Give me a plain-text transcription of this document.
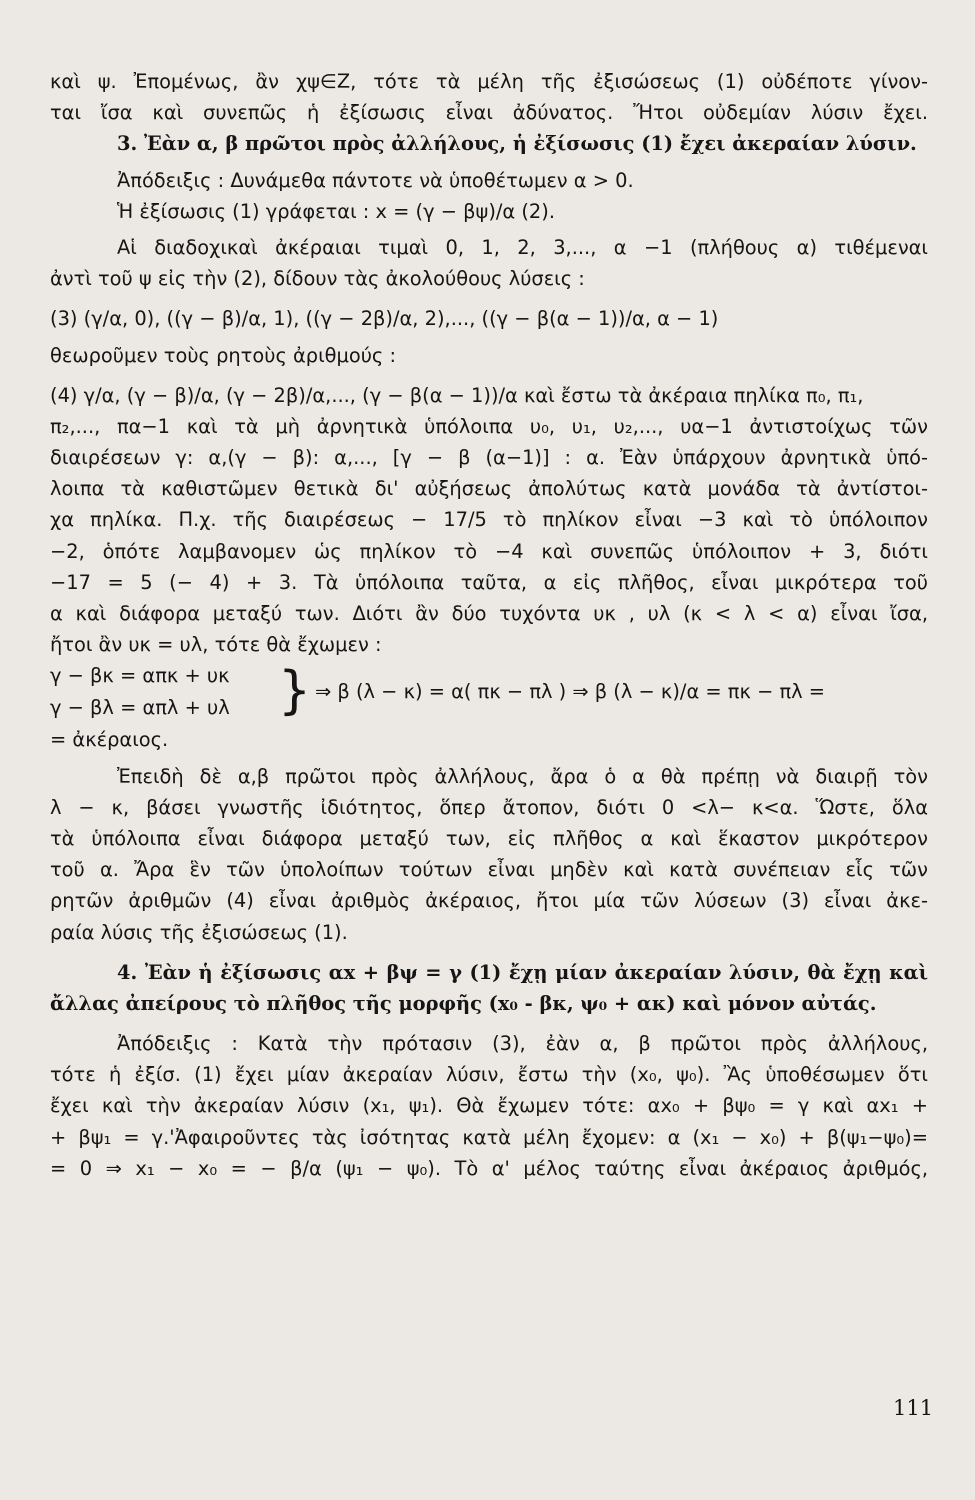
καὶ ψ. Ἐπομένως, ἂν χψ∈Ζ, τότε τὰ μέλη τῆς ἐξισώσεως (1) οὐδέποτε γίνον-
ται ἴσα καὶ συνεπῶς ἡ ἐξίσωσις εἶναι ἀδύνατος. Ἤτοι οὐδεμίαν λύσιν ἔχει.
3. Ἐὰν α, β πρῶτοι πρὸς ἀλλήλους, ἡ ἐξίσωσις (1) ἔχει ἀκεραίαν λύσιν.
Ἀπόδειξις : Δυνάμεθα πάντοτε νὰ ὑποθέτωμεν α > 0.
Ἡ ἐξίσωσις (1) γράφεται : x = (γ − βψ)/α (2).
Αἱ διαδοχικαὶ ἀκέραιαι τιμαὶ 0, 1, 2, 3,..., α −1 (πλήθους α) τιθέμεναι
ἀντὶ τοῦ ψ εἰς τὴν (2), δίδουν τὰς ἀκολούθους λύσεις :
(3) (γ/α, 0), ((γ − β)/α, 1), ((γ − 2β)/α, 2),..., ((γ − β(α − 1))/α, α − 1)
θεωροῦμεν τοὺς ρητοὺς ἀριθμούς :
(4) γ/α, (γ − β)/α, (γ − 2β)/α,..., (γ − β(α − 1))/α καὶ ἔστω τὰ ἀκέραια πηλίκα π₀, π₁,
π₂,..., πα−1 καὶ τὰ μὴ ἀρνητικὰ ὑπόλοιπα υ₀, υ₁, υ₂,..., υα−1 ἀντιστοίχως τῶν
διαιρέσεων γ: α,(γ − β): α,..., [γ − β (α−1)] : α. Ἐὰν ὑπάρχουν ἀρνητικὰ ὑπό-
λοιπα τὰ καθιστῶμεν θετικὰ δι' αὐξήσεως ἀπολύτως κατὰ μονάδα τὰ ἀντίστοι-
χα πηλίκα. Π.χ. τῆς διαιρέσεως − 17/5 τὸ πηλίκον εἶναι −3 καὶ τὸ ὑπόλοιπον
−2, ὁπότε λαμβανομεν ὡς πηλίκον τὸ −4 καὶ συνεπῶς ὑπόλοιπον + 3, διότι
−17 = 5 (− 4) + 3. Τὰ ὑπόλοιπα ταῦτα, α εἰς πλῆθος, εἶναι μικρότερα τοῦ
α καὶ διάφορα μεταξύ των. Διότι ἂν δύο τυχόντα υκ , υλ (κ < λ < α) εἶναι ἴσα,
ἤτοι ἂν υκ = υλ, τότε θὰ ἔχωμεν :
γ − βκ = απκ + υκ
γ − βλ = απλ + υλ } ⇒ β (λ − κ) = α( πκ − πλ ) ⇒ β (λ − κ)/α = πκ − πλ =
= ἀκέραιος.
Ἐπειδὴ δὲ α,β πρῶτοι πρὸς ἀλλήλους, ἄρα ὁ α θὰ πρέπῃ νὰ διαιρῇ τὸν
λ − κ, βάσει γνωστῆς ἰδιότητος, ὅπερ ἄτοπον, διότι 0 <λ− κ<α. Ὥστε, ὅλα
τὰ ὑπόλοιπα εἶναι διάφορα μεταξύ των, εἰς πλῆθος α καὶ ἕκαστον μικρότερον
τοῦ α. Ἄρα ἓν τῶν ὑπολοίπων τούτων εἶναι μηδὲν καὶ κατὰ συνέπειαν εἷς τῶν
ρητῶν ἀριθμῶν (4) εἶναι ἀριθμὸς ἀκέραιος, ἤτοι μία τῶν λύσεων (3) εἶναι ἀκε-
ραία λύσις τῆς ἐξισώσεως (1).
4. Ἐὰν ἡ ἐξίσωσις αx + βψ = γ (1) ἔχῃ μίαν ἀκεραίαν λύσιν, θὰ ἔχῃ καὶ
ἄλλας ἀπείρους τὸ πλῆθος τῆς μορφῆς (x₀ - βκ, ψ₀ + ακ) καὶ μόνον αὐτάς.
Ἀπόδειξις : Κατὰ τὴν πρότασιν (3), ἐὰν α, β πρῶτοι πρὸς ἀλλήλους,
τότε ἡ ἐξίσ. (1) ἔχει μίαν ἀκεραίαν λύσιν, ἔστω τὴν (x₀, ψ₀). Ἂς ὑποθέσωμεν ὅτι
ἔχει καὶ τὴν ἀκεραίαν λύσιν (x₁, ψ₁). Θὰ ἔχωμεν τότε: αx₀ + βψ₀ = γ καὶ αx₁ +
+ βψ₁ = γ.'Ἀφαιροῦντες τὰς ἰσότητας κατὰ μέλη ἔχομεν: α (x₁ − x₀) + β(ψ₁−ψ₀)=
= 0 ⇒ x₁ − x₀ = − β/α (ψ₁ − ψ₀). Τὸ α' μέλος ταύτης εἶναι ἀκέραιος ἀριθμός,
111
